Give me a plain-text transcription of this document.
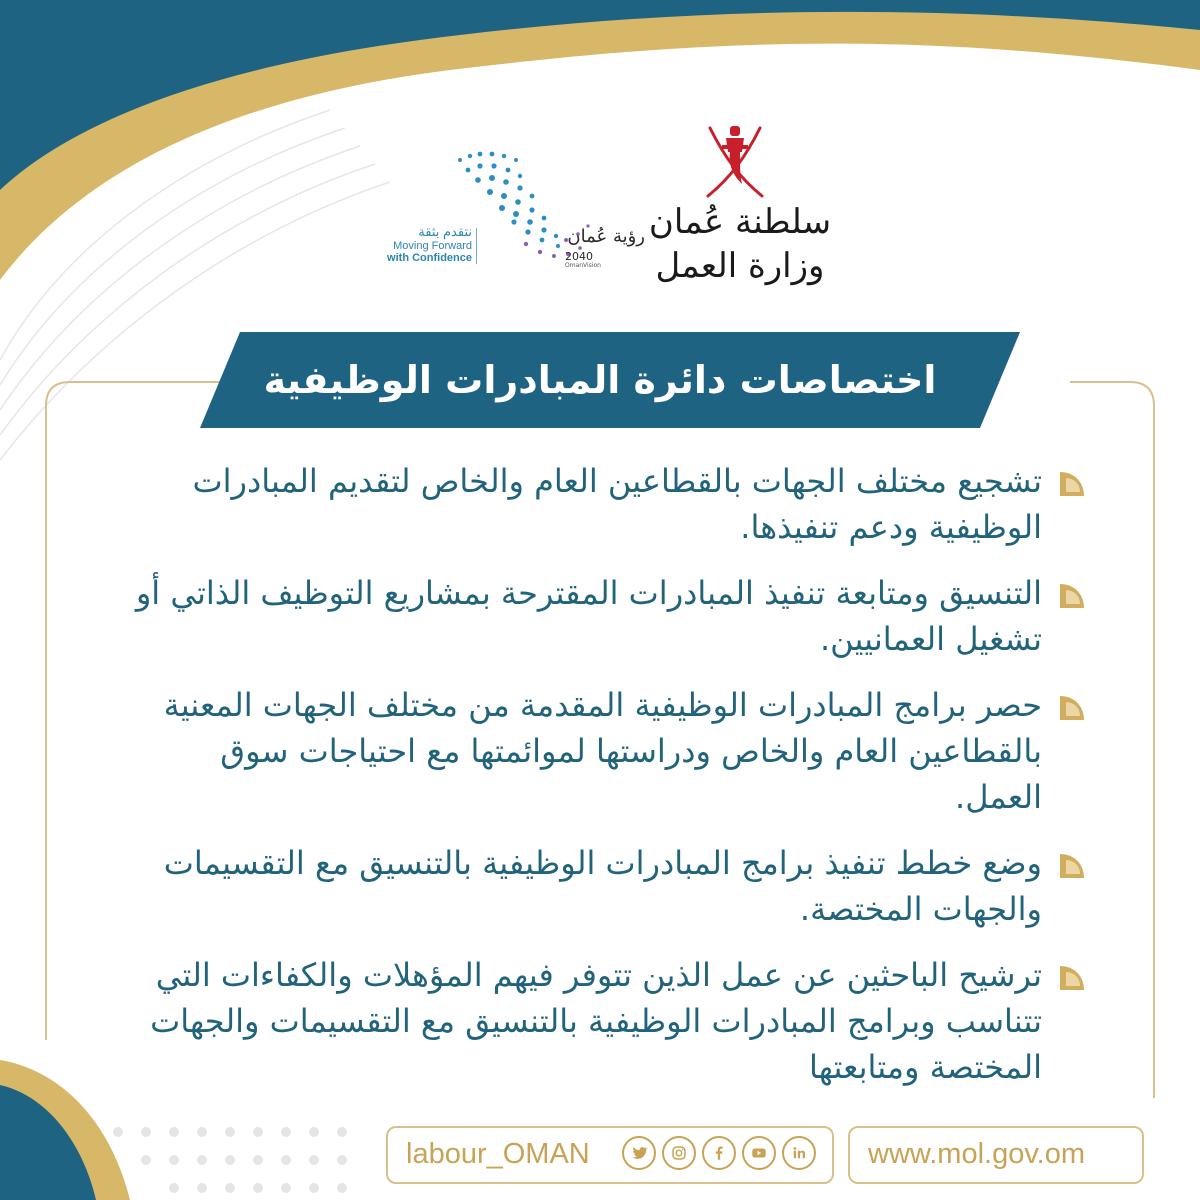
سلطنة عُمان
وزارة العمل
رؤية عُمان
2040
OmanVision
نتقدم بثقة
Moving Forward
with Confidence
اختصاصات دائرة المبادرات الوظيفية
تشجيع مختلف الجهات بالقطاعين العام والخاص لتقديم المبادرات الوظيفية ودعم تنفيذها.
التنسيق ومتابعة تنفيذ المبادرات المقترحة بمشاريع التوظيف الذاتي أو تشغيل العمانيين.
حصر برامج المبادرات الوظيفية المقدمة من مختلف الجهات المعنية بالقطاعين العام والخاص ودراستها لموائمتها مع احتياجات سوق العمل.
وضع خطط تنفيذ برامج المبادرات الوظيفية بالتنسيق مع التقسيمات والجهات المختصة.
ترشيح الباحثين عن عمل الذين تتوفر فيهم المؤهلات والكفاءات التي تتناسب وبرامج المبادرات الوظيفية بالتنسيق مع التقسيمات والجهات المختصة ومتابعتها
labour_OMAN	www.mol.gov.om
